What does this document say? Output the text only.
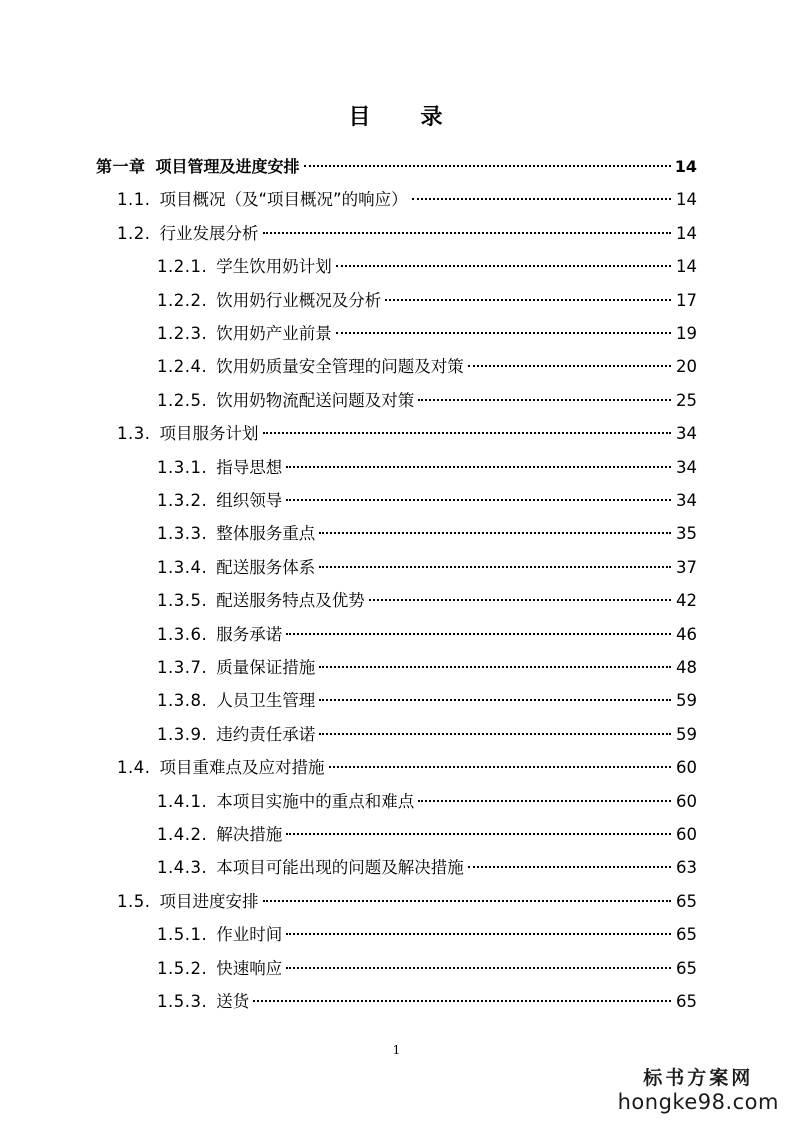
目　　录
第一章 项目管理及进度安排	14
1.1. 项目概况（及“项目概况”的响应）	14
1.2. 行业发展分析	14
1.2.1. 学生饮用奶计划	14
1.2.2. 饮用奶行业概况及分析	17
1.2.3. 饮用奶产业前景	19
1.2.4. 饮用奶质量安全管理的问题及对策	20
1.2.5. 饮用奶物流配送问题及对策	25
1.3. 项目服务计划	34
1.3.1. 指导思想	34
1.3.2. 组织领导	34
1.3.3. 整体服务重点	35
1.3.4. 配送服务体系	37
1.3.5. 配送服务特点及优势	42
1.3.6. 服务承诺	46
1.3.7. 质量保证措施	48
1.3.8. 人员卫生管理	59
1.3.9. 违约责任承诺	59
1.4. 项目重难点及应对措施	60
1.4.1. 本项目实施中的重点和难点	60
1.4.2. 解决措施	60
1.4.3. 本项目可能出现的问题及解决措施	63
1.5. 项目进度安排	65
1.5.1. 作业时间	65
1.5.2. 快速响应	65
1.5.3. 送货	65
1
标书方案网
hongke98.com
